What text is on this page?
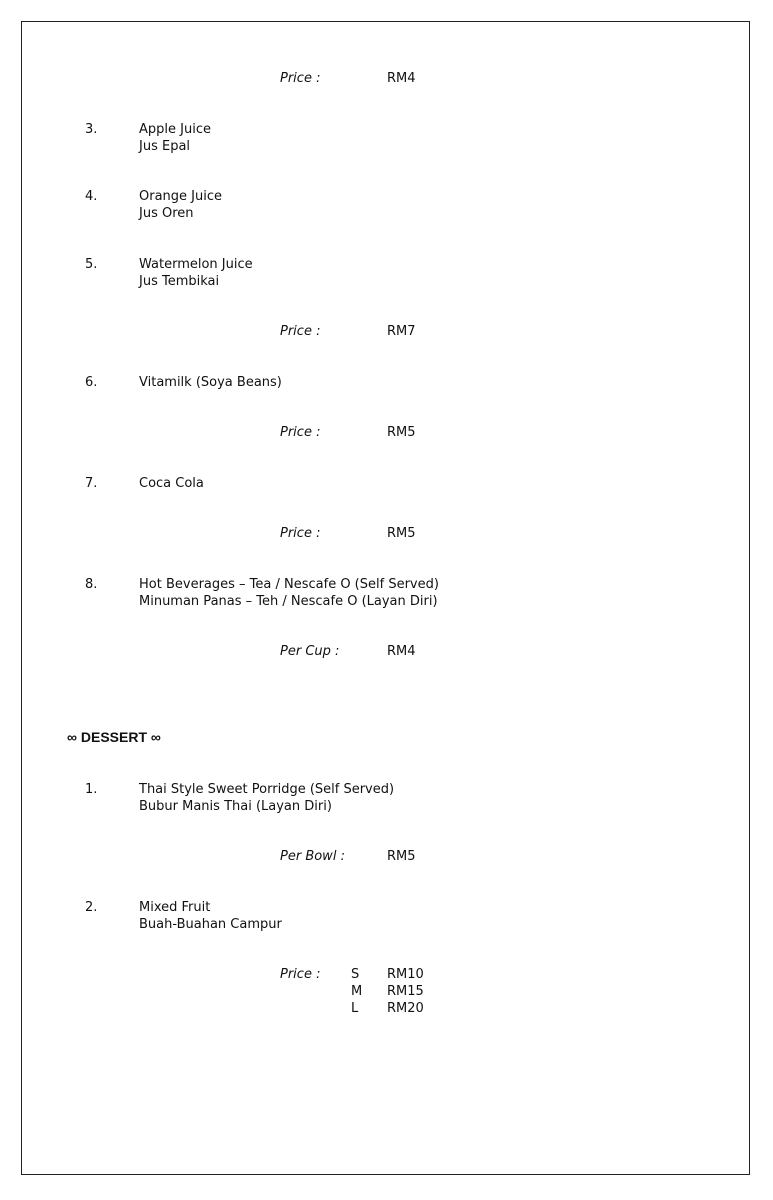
Price :	RM4

3.	Apple Juice

Jus Epal

4.	Orange Juice

Jus Oren

5.	Watermelon Juice

Jus Tembikai

Price :	RM7

6.	Vitamilk (Soya Beans)

Price :	RM5

7.	Coca Cola

Price :	RM5

8.	Hot Beverages – Tea / Nescafe O (Self Served)

Minuman Panas – Teh / Nescafe O (Layan Diri)

Per Cup :	RM4

∞ DESSERT ∞

1.	Thai Style Sweet Porridge (Self Served)

Bubur Manis Thai (Layan Diri)

Per Bowl :	RM5

2.	Mixed Fruit

Buah-Buahan Campur

Price : S RM10

M RM15

L RM20
